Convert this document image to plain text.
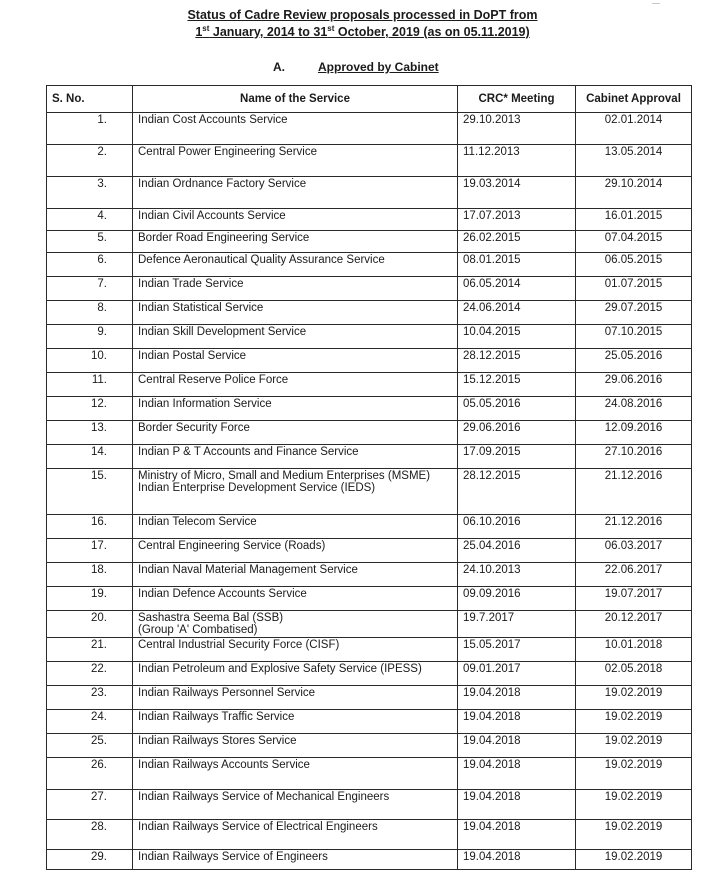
Status of Cadre Review proposals processed in DoPT from
1st January, 2014 to 31st October, 2019 (as on 05.11.2019)
A.	Approved by Cabinet
S. No.	Name of the Service	CRC* Meeting	Cabinet Approval
1.	Indian Cost Accounts Service	29.10.2013	02.01.2014
2.	Central Power Engineering Service	11.12.2013	13.05.2014
3.	Indian Ordnance Factory Service	19.03.2014	29.10.2014
4.	Indian Civil Accounts Service	17.07.2013	16.01.2015
5.	Border Road Engineering Service	26.02.2015	07.04.2015
6.	Defence Aeronautical Quality Assurance Service	08.01.2015	06.05.2015
7.	Indian Trade Service	06.05.2014	01.07.2015
8.	Indian Statistical Service	24.06.2014	29.07.2015
9.	Indian Skill Development Service	10.04.2015	07.10.2015
10.	Indian Postal Service	28.12.2015	25.05.2016
11.	Central Reserve Police Force	15.12.2015	29.06.2016
12.	Indian Information Service	05.05.2016	24.08.2016
13.	Border Security Force	29.06.2016	12.09.2016
14.	Indian P & T Accounts and Finance Service	17.09.2015	27.10.2016
15.	Ministry of Micro, Small and Medium Enterprises (MSME)
Indian Enterprise Development Service (IEDS)	28.12.2015	21.12.2016
16.	Indian Telecom Service	06.10.2016	21.12.2016
17.	Central Engineering Service (Roads)	25.04.2016	06.03.2017
18.	Indian Naval Material Management Service	24.10.2013	22.06.2017
19.	Indian Defence Accounts Service	09.09.2016	19.07.2017
20.	Sashastra Seema Bal (SSB)
(Group 'A' Combatised)	19.7.2017	20.12.2017
21.	Central Industrial Security Force (CISF)	15.05.2017	10.01.2018
22.	Indian Petroleum and Explosive Safety Service (IPESS)	09.01.2017	02.05.2018
23.	Indian Railways Personnel Service	19.04.2018	19.02.2019
24.	Indian Railways Traffic Service	19.04.2018	19.02.2019
25.	Indian Railways Stores Service	19.04.2018	19.02.2019
26.	Indian Railways Accounts Service	19.04.2018	19.02.2019
27.	Indian Railways Service of Mechanical Engineers	19.04.2018	19.02.2019
28.	Indian Railways Service of Electrical Engineers	19.04.2018	19.02.2019
29.	Indian Railways Service of Engineers	19.04.2018	19.02.2019
